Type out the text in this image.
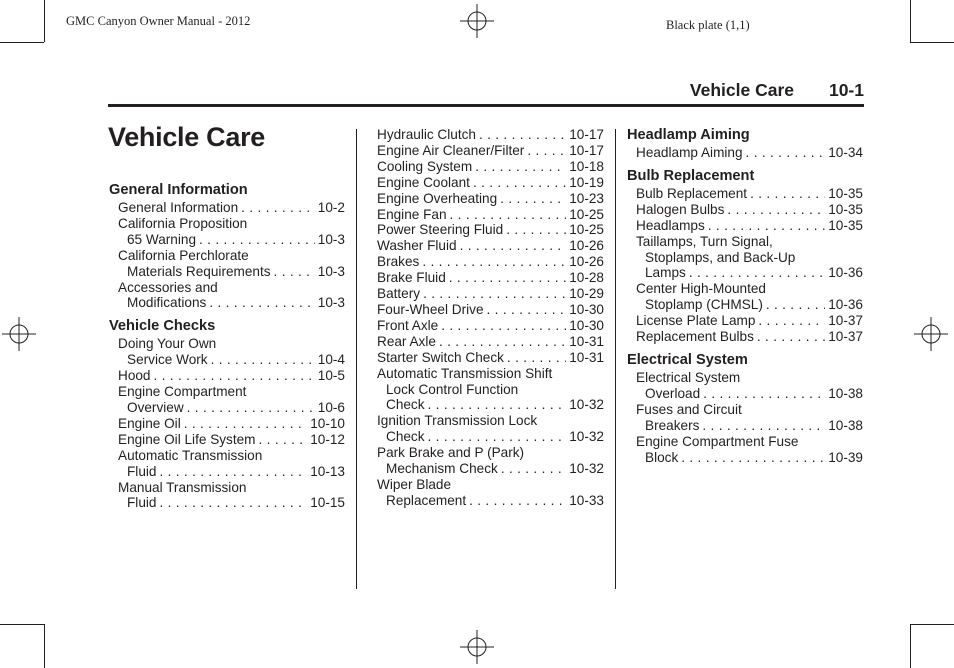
GMC Canyon Owner Manual - 2012	Black plate (1,1)
Vehicle Care 10-1
Vehicle Care
General Information
General Information . . .	10-2
California Proposition
65 Warning . . .	10-3
California Perchlorate
Materials Requirements . . .	10-3
Accessories and
Modifications . . .	10-3
Vehicle Checks
Doing Your Own
Service Work . . .	10-4
Hood . . .	10-5
Engine Compartment
Overview . . .	10-6
Engine Oil . . .	10-10
Engine Oil Life System . . .	10-12
Automatic Transmission
Fluid . . .	10-13
Manual Transmission
Fluid . . .	10-15
Hydraulic Clutch . . .	10-17
Engine Air Cleaner/Filter . . .	10-17
Cooling System . . .	10-18
Engine Coolant . . .	10-19
Engine Overheating . . .	10-23
Engine Fan . . .	10-25
Power Steering Fluid . . .	10-25
Washer Fluid . . .	10-26
Brakes . . .	10-26
Brake Fluid . . .	10-28
Battery . . .	10-29
Four-Wheel Drive . . .	10-30
Front Axle . . .	10-30
Rear Axle . . .	10-31
Starter Switch Check . . .	10-31
Automatic Transmission Shift
Lock Control Function
Check . . .	10-32
Ignition Transmission Lock
Check . . .	10-32
Park Brake and P (Park)
Mechanism Check . . .	10-32
Wiper Blade
Replacement . . .	10-33
Headlamp Aiming
Headlamp Aiming . . .	10-34
Bulb Replacement
Bulb Replacement . . .	10-35
Halogen Bulbs . . .	10-35
Headlamps . . .	10-35
Taillamps, Turn Signal,
Stoplamps, and Back-Up
Lamps . . .	10-36
Center High-Mounted
Stoplamp (CHMSL) . . .	10-36
License Plate Lamp . . .	10-37
Replacement Bulbs . . .	10-37
Electrical System
Electrical System
Overload . . .	10-38
Fuses and Circuit
Breakers . . .	10-38
Engine Compartment Fuse
Block . . .	10-39
